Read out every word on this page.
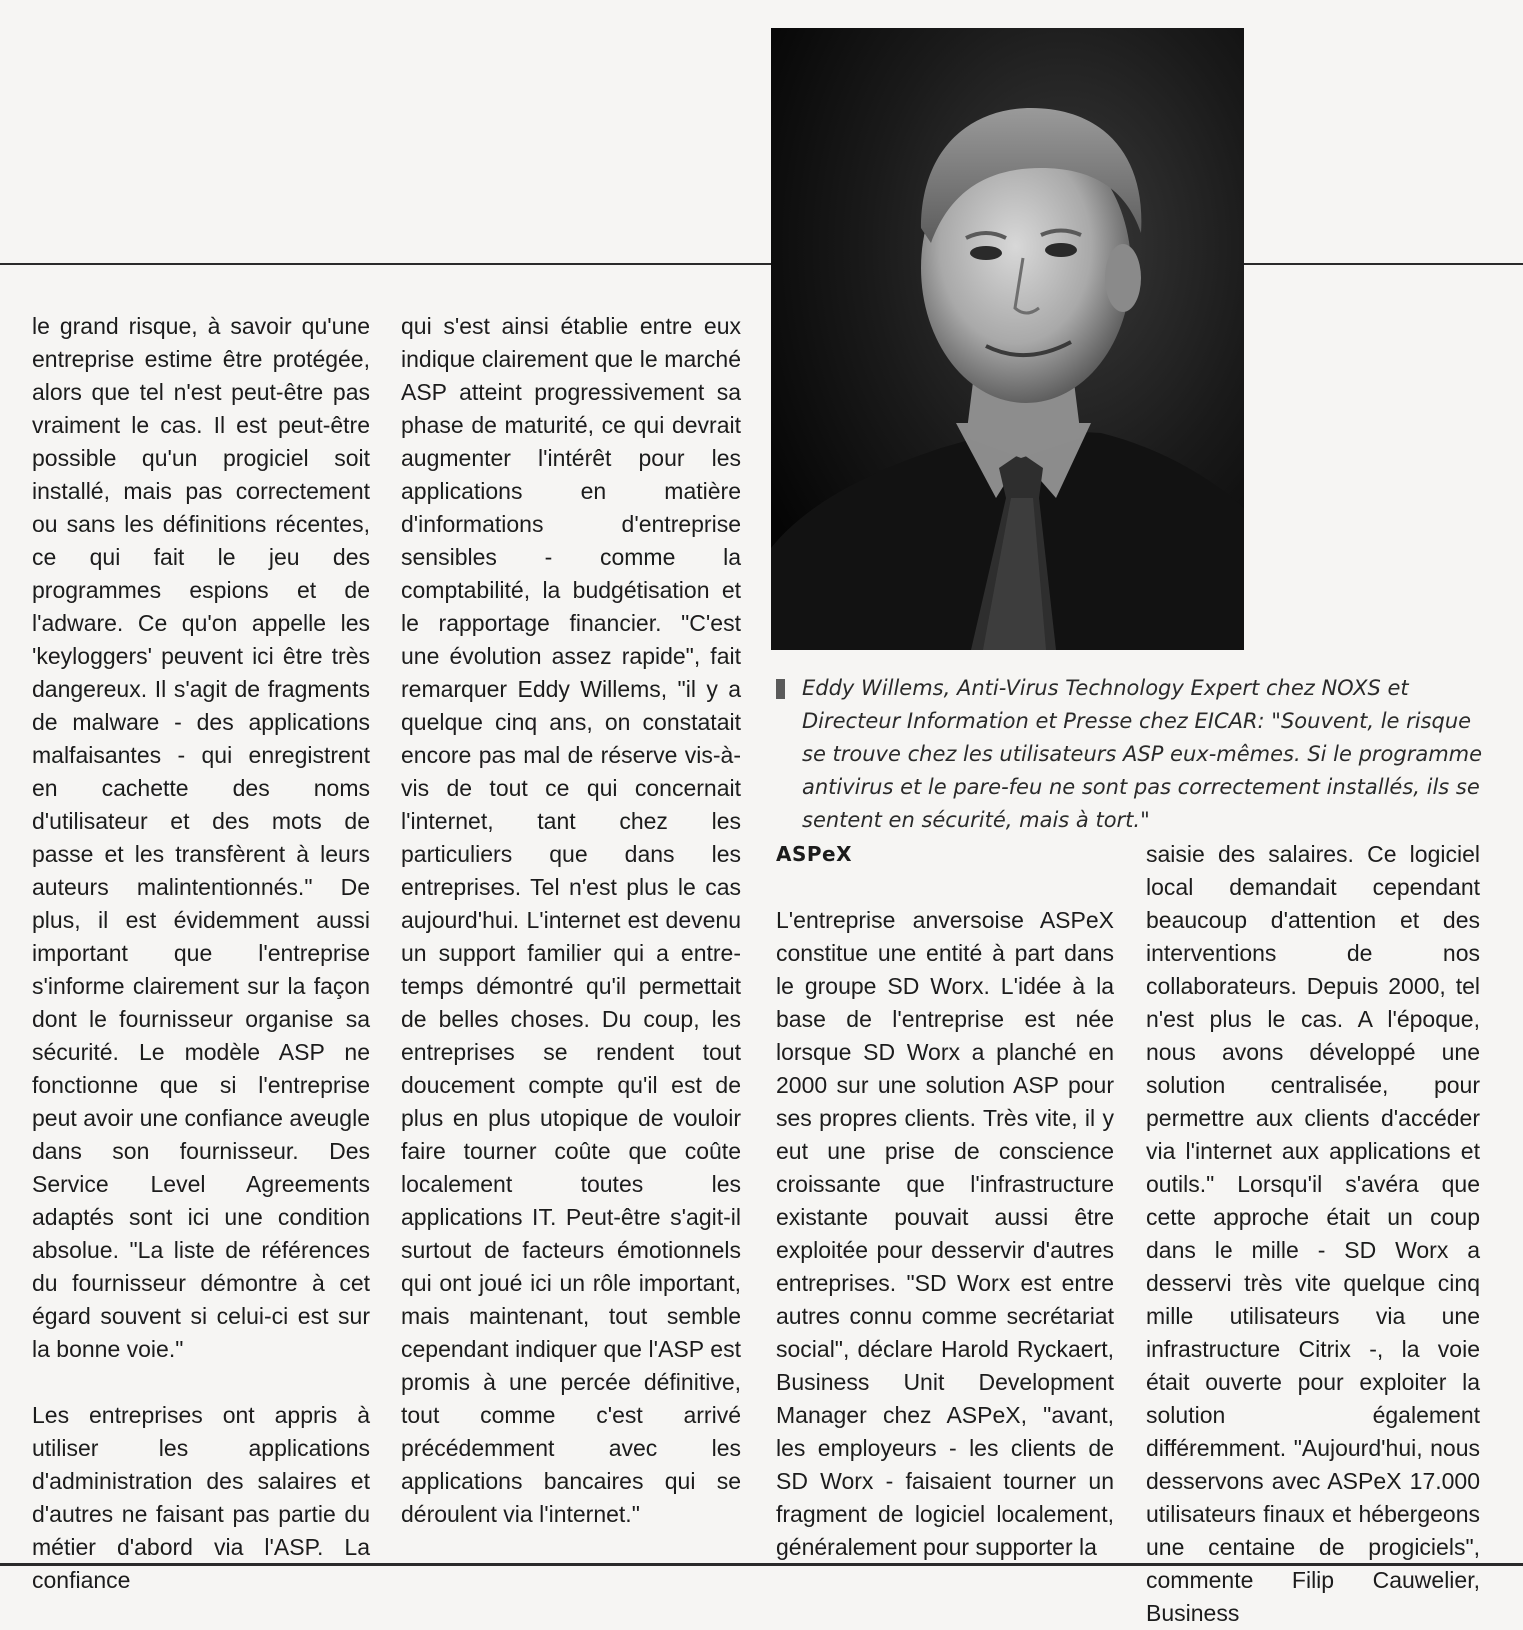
Eddy Willems, Anti-Virus Technology Expert chez NOXS et Directeur Information et Presse chez EICAR: "Souvent, le risque se trouve chez les utilisateurs ASP eux-mêmes. Si le programme antivirus et le pare-feu ne sont pas correctement installés, ils se sentent en sécurité, mais à tort."

le grand risque, à savoir qu'une entreprise estime être protégée, alors que tel n'est peut-être pas vraiment le cas. Il est peut-être possible qu'un progiciel soit installé, mais pas correctement ou sans les définitions récentes, ce qui fait le jeu des programmes espions et de l'adware. Ce qu'on appelle les 'keyloggers' peuvent ici être très dangereux. Il s'agit de fragments de malware - des applications malfaisantes - qui enregistrent en cachette des noms d'utilisateur et des mots de passe et les transfèrent à leurs auteurs malintentionnés." De plus, il est évidemment aussi important que l'entreprise s'informe clairement sur la façon dont le fournisseur organise sa sécurité. Le modèle ASP ne fonctionne que si l'entreprise peut avoir une confiance aveugle dans son fournisseur. Des Service Level Agreements adaptés sont ici une condition absolue. "La liste de références du fournisseur démontre à cet égard souvent si celui-ci est sur la bonne voie."

Les entreprises ont appris à utiliser les applications d'administration des salaires et d'autres ne faisant pas partie du métier d'abord via l'ASP. La confiance

qui s'est ainsi établie entre eux indique clairement que le marché ASP atteint progressivement sa phase de maturité, ce qui devrait augmenter l'intérêt pour les applications en matière d'informations d'entreprise sensibles - comme la comptabilité, la budgétisation et le rapportage financier. "C'est une évolution assez rapide", fait remarquer Eddy Willems, "il y a quelque cinq ans, on constatait encore pas mal de réserve vis-à-vis de tout ce qui concernait l'internet, tant chez les particuliers que dans les entreprises. Tel n'est plus le cas aujourd'hui. L'internet est devenu un support familier qui a entre-temps démontré qu'il permettait de belles choses. Du coup, les entreprises se rendent tout doucement compte qu'il est de plus en plus utopique de vouloir faire tourner coûte que coûte localement toutes les applications IT. Peut-être s'agit-il surtout de facteurs émotionnels qui ont joué ici un rôle important, mais maintenant, tout semble cependant indiquer que l'ASP est promis à une percée définitive, tout comme c'est arrivé précédemment avec les applications bancaires qui se déroulent via l'internet."

ASPeX

L'entreprise anversoise ASPeX constitue une entité à part dans le groupe SD Worx. L'idée à la base de l'entreprise est née lorsque SD Worx a planché en 2000 sur une solution ASP pour ses propres clients. Très vite, il y eut une prise de conscience croissante que l'infrastructure existante pouvait aussi être exploitée pour desservir d'autres entreprises. "SD Worx est entre autres connu comme secrétariat social", déclare Harold Ryckaert, Business Unit Development Manager chez ASPeX, "avant, les employeurs - les clients de SD Worx - faisaient tourner un fragment de logiciel localement, généralement pour supporter la

saisie des salaires. Ce logiciel local demandait cependant beaucoup d'attention et des interventions de nos collaborateurs. Depuis 2000, tel n'est plus le cas. A l'époque, nous avons développé une solution centralisée, pour permettre aux clients d'accéder via l'internet aux applications et outils." Lorsqu'il s'avéra que cette approche était un coup dans le mille - SD Worx a desservi très vite quelque cinq mille utilisateurs via une infrastructure Citrix -, la voie était ouverte pour exploiter la solution également différemment. "Aujourd'hui, nous desservons avec ASPeX 17.000 utilisateurs finaux et hébergeons une centaine de progiciels", commente Filip Cauwelier, Business
